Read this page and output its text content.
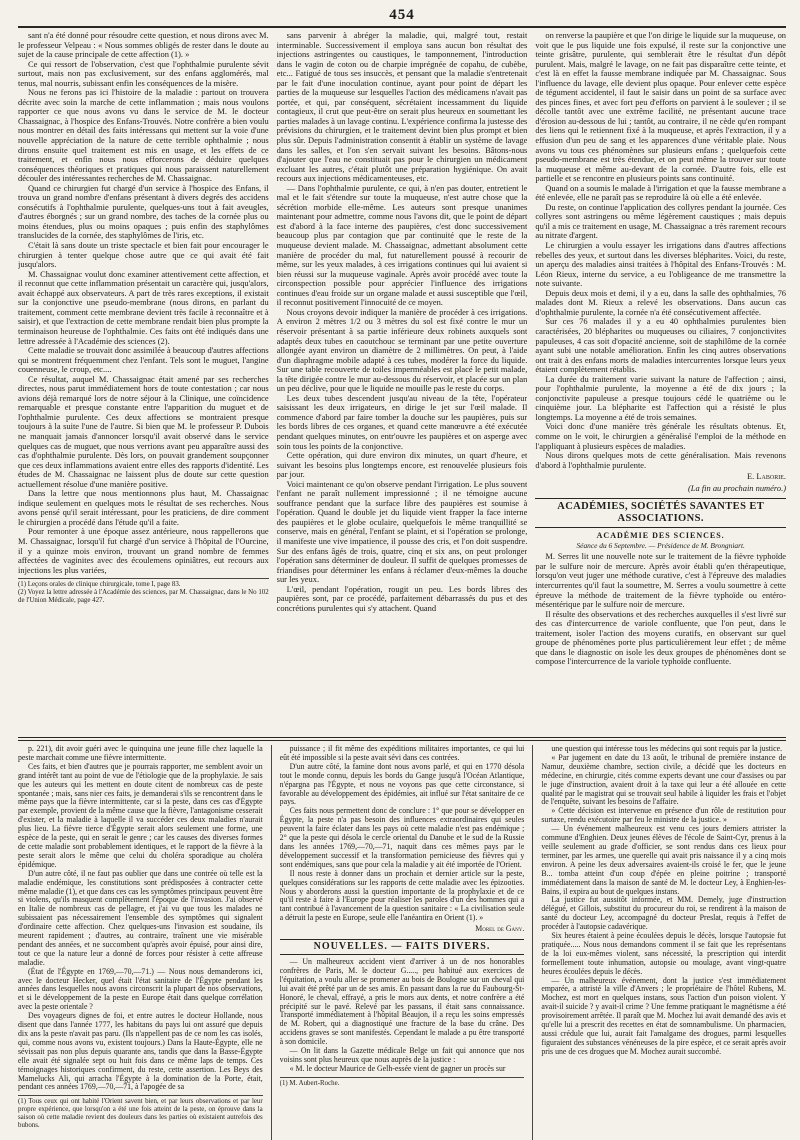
454

sant n'a été donné pour résoudre cette question, et nous dirons avec M. le professeur Velpeau : « Nous sommes obligés de rester dans le doute au sujet de la cause principale de cette affection (1). »

Ce qui ressort de l'observation, c'est que l'ophthalmie purulente sévit surtout, mais non pas exclusivement, sur des enfans agglomérés, mal tenus, mal nourris, subissant enfin les conséquences de la misère.

Nous ne ferons pas ici l'histoire de la maladie : partout on trouvera décrite avec soin la marche de cette inflammation ; mais nous voulons rapporter ce que nous avons vu dans le service de M. le docteur Chassaignac, à l'hospice des Enfans-Trouvés. Notre confrère a bien voulu nous montrer en détail des faits intéressans qui mettent sur la voie d'une nouvelle appréciation de la nature de cette terrible ophthalmie ; nous dirons ensuite quel traitement est mis en usage, et les effets de ce traitement, et enfin nous nous efforcerons de déduire quelques conséquences théoriques et pratiques qui nous paraissent naturellement découler des intéressantes recherches de M. Chassaignac.

Quand ce chirurgien fut chargé d'un service à l'hospice des Enfans, il trouva un grand nombre d'enfans présentant à divers degrés des accidens consécutifs à l'ophthalmie purulente, quelques-uns tout à fait aveugles, d'autres éborgnés ; sur un grand nombre, des taches de la cornée plus ou moins étendues, plus ou moins opaques ; puis enfin des staphylômes translucides de la cornée, des staphylômes de l'iris, etc.

C'était là sans doute un triste spectacle et bien fait pour encourager le chirurgien à tenter quelque chose autre que ce qui avait été fait jusqu'alors.

M. Chassaignac voulut donc examiner attentivement cette affection, et il reconnut que cette inflammation présentait un caractère qui, jusqu'alors, avait échappé aux observateurs. A part de très rares exceptions, il existait sur la conjonctive une pseudo-membrane (nous dirons, en parlant du traitement, comment cette membrane devient très facile à reconnaître et à saisir), et que l'extraction de cette membrane rendait bien plus prompte la terminaison heureuse de l'ophthalmie. Ces faits ont été indiqués dans une lettre adressée à l'Académie des sciences (2).

Cette maladie se trouvait donc assimilée à beaucoup d'autres affections qui se montrent fréquemment chez l'enfant. Tels sont le muguet, l'angine couenneuse, le croup, etc....

Ce résultat, auquel M. Chassaignac était amené par ses recherches directes, nous parut immédiatement hors de toute contestation ; car nous avions déjà remarqué lors de notre séjour à la Clinique, une coïncidence remarquable et presque constante entre l'apparition du muguet et de l'ophthalmie purulente. Ces deux affections se montraient presque toujours à la suite l'une de l'autre. Si bien que M. le professeur P. Dubois ne manquait jamais d'annoncer lorsqu'il avait observé dans le service quelques cas de muguet, que nous verrions avant peu apparaître aussi des cas d'ophthalmie purulente. Dès lors, on pouvait grandement soupçonner que ces deux inflammations avaient entre elles des rapports d'identité. Les études de M. Chassaignac ne laissent plus de doute sur cette question actuellement résolue d'une manière positive.

Dans la lettre que nous mentionnons plus haut, M. Chassaignac indique seulement en quelques mots le résultat de ses recherches. Nous avons pensé qu'il serait intéressant, pour les praticiens, de dire comment le chirurgien a procédé dans l'étude qu'il a faite.

Pour remonter à une époque assez antérieure, nous rappellerons que M. Chassaignac, lorsqu'il fut chargé d'un service à l'hôpital de l'Ourcine, il y a quinze mois environ, trouvant un grand nombre de femmes affectées de vaginites avec des écoulemens opiniâtres, eut recours aux injections les plus variées,

(1) Leçons orales de clinique chirurgicale, tome I, page 83.

(2) Voyez la lettre adressée à l'Académie des sciences, par M. Chassaignac, dans le No 102 de l'Union Médicale, page 427.

sans parvenir à abréger la maladie, qui, malgré tout, restait interminable. Successivement il employa sans aucun bon résultat des injections astringentes ou caustiques, le tamponnement, l'introduction dans le vagin de coton ou de charpie imprégnée de copahu, de cubèbe, etc... Fatigué de tous ses insuccès, et pensant que la maladie s'entretenait par le fait d'une inoculation continue, ayant pour point de départ les parties de la muqueuse sur lesquelles l'action des médicamens n'avait pas portée, et qui, par conséquent, sécrétaient incessamment du liquide contagieux, il crut que peut-être on serait plus heureux en soumettant les parties malades à un lavage continu. L'expérience confirma la justesse des prévisions du chirurgien, et le traitement devint bien plus prompt et bien plus sûr. Depuis l'administration consentit à établir un système de lavage dans les salles, et l'on s'en servait suivant les besoins. Bâtons-nous d'ajouter que l'eau ne constituait pas pour le chirurgien un médicament excluant les autres, c'était plutôt une préparation hygiénique. On avait recours aux injections médicamenteuses, etc.

— Dans l'ophthalmie purulente, ce qui, à n'en pas douter, entretient le mal et le fait s'étendre sur toute la muqueuse, n'est autre chose que la sécrétion morbide elle-même. Les auteurs sont presque unanimes maintenant pour admettre, comme nous l'avons dit, que le point de départ est d'abord à la face interne des paupières, c'est donc successivement beaucoup plus par contagion que par continuité que le reste de la muqueuse devient malade. M. Chassaignac, admettant absolument cette manière de procéder du mal, fut naturellement poussé à recourir de même, sur les yeux malades, à ces irrigations continues qui lui avaient si bien réussi sur la muqueuse vaginale. Après avoir procédé avec toute la circonspection possible pour apprécier l'influence des irrigations continues d'eau froide sur un organe malade et aussi susceptible que l'œil, il reconnut positivement l'innocuité de ce moyen.

Nous croyons devoir indiquer la manière de procéder à ces irrigations. A environ 2 mètres 1/2 ou 3 mètres du sol est fixé contre le mur un réservoir présentant à sa partie inférieure deux robinets auxquels sont adaptés deux tubes en caoutchouc se terminant par une petite ouverture allongée ayant environ un diamètre de 2 millimètres. On peut, à l'aide d'un diaphragme mobile adapté à ces tubes, modérer la force du liquide. Sur une table recouverte de toiles imperméables est placé le petit malade, la tête dirigée contre le mur au-dessous du réservoir, et placée sur un plan un peu déclive, pour que le liquide ne mouille pas le reste du corps.

Les deux tubes descendent jusqu'au niveau de la tête, l'opérateur saisissant les deux irrigateurs, en dirige le jet sur l'œil malade. Il commence d'abord par faire tomber la douche sur les paupières, puis sur les bords libres de ces organes, et quand cette manœuvre a été exécutée pendant quelques minutes, on entr'ouvre les paupières et on asperge avec soin tous les points de la conjonctive.

Cette opération, qui dure environ dix minutes, un quart d'heure, et suivant les besoins plus longtemps encore, est renouvelée plusieurs fois par jour.

Voici maintenant ce qu'on observe pendant l'irrigation. Le plus souvent l'enfant ne paraît nullement impressionné ; il ne témoigne aucune souffrance pendant que la surface libre des paupières est soumise à l'opération. Quand le double jet du liquide vient frapper la face interne des paupières et le globe oculaire, quelquefois le même tranquillité se conserve, mais en général, l'enfant se plaint, et si l'opération se prolonge, il manifeste une vive impatience, il pousse des cris, et l'on doit suspendre. Sur des enfans âgés de trois, quatre, cinq et six ans, on peut prolonger l'opération sans déterminer de douleur. Il suffit de quelques promesses de friandises pour déterminer les enfans à réclamer d'eux-mêmes la douche sur les yeux.

L'œil, pendant l'opération, rougit un peu. Les bords libres des paupières sont, par ce procédé, parfaitement débarrassés du pus et des concrétions purulentes qui s'y attachent. Quand

on renverse la paupière et que l'on dirige le liquide sur la muqueuse, on voit que le pus liquide une fois expulsé, il reste sur la conjonctive une teinte grisâtre, purulente, qui semblerait être le résultat d'un dépôt purulent. Mais, malgré le lavage, on ne fait pas disparaître cette teinte, et c'est là en effet la fausse membrane indiquée par M. Chassaignac. Sous l'influence du lavage, elle devient plus opaque. Pour enlever cette espèce de tégument accidentel, il faut le saisir dans un point de sa surface avec des pinces fines, et avec fort peu d'efforts on parvient à le soulever ; il se décolle tantôt avec une extrême facilité, ne présentant aucune trace d'érosion au-dessous de lui ; tantôt, au contraire, il ne cède qu'en rompant des liens qui le retiennent fixé à la muqueuse, et après l'extraction, il y a effusion d'un peu de sang et les apparences d'une véritable plaie. Nous avons vu tous ces phénomènes sur plusieurs enfans ; quelquefois cette pseudo-membrane est très étendue, et on peut même la trouver sur toute la muqueuse et même au-devant de la cornée. D'autre fois, elle est partielle et se rencontre en plusieurs points sans continuité.

Quand on a soumis le malade à l'irrigation et que la fausse membrane a été enlevée, elle ne paraît pas se reproduire là où elle a été enlevée.

Du reste, on continue l'application des collyres pendant la journée. Ces collyres sont astringens ou même légèrement caustiques ; mais depuis qu'il a mis ce traitement en usage, M. Chassaignac a très rarement recours au nitrate d'argent.

Le chirurgien a voulu essayer les irrigations dans d'autres affections rebelles des yeux, et surtout dans les diverses blépharites. Voici, du reste, un aperçu des maladies ainsi traitées à l'hôpital des Enfans-Trouvés : M. Léon Rieux, interne du service, a eu l'obligeance de me transmettre la note suivante.

Depuis deux mois et demi, il y a eu, dans la salle des ophthalmies, 76 malades dont M. Rieux a relevé les observations. Dans aucun cas d'ophthalmie purulente, la cornée n'a été consécutivement affectée.

Sur ces 76 malades il y a eu 40 ophthalmies purulentes bien caractérisées, 20 blépharites ou muqueuses ou ciliaires, 7 conjonctivites papuleuses, 4 cas soit d'opacité ancienne, soit de staphilôme de la cornée ayant subi une notable amélioration. Enfin les cinq autres observations ont trait à des enfans morts de maladies intercurrentes lorsque leurs yeux étaient complètement rétablis.

La durée du traitement varie suivant la nature de l'affection ; ainsi, pour l'ophthalmie purulente, la moyenne a été de dix jours ; la conjonctivite papuleuse a presque toujours cédé le quatrième ou le cinquième jour. La blépharite est l'affection qui a résisté le plus longtemps. La moyenne a été de trois semaines.

Voici donc d'une manière très générale les résultats obtenus. Et, comme on le voit, le chirurgien a généralisé l'emploi de la méthode en l'appliquant à plusieurs espèces de maladies.

Nous dirons quelques mots de cette généralisation. Mais revenons d'abord à l'ophthalmie purulente.

E. Laborie.
(La fin au prochain numéro.)
ACADÉMIES, SOCIÉTÉS SAVANTES ET ASSOCIATIONS.
ACADÉMIE DES SCIENCES.
Séance du 6 Septembre. — Présidence de M. Brongniart.

M. Serres lit une nouvelle note sur le traitement de la fièvre typhoïde par le sulfure noir de mercure. Après avoir établi qu'en thérapeutique, lorsqu'on veut juger une méthode curative, c'est à l'épreuve des maladies intercurrentes qu'il faut la soumettre, M. Serres a voulu soumettre à cette épreuve la méthode de traitement de la fièvre typhoïde ou entéro-mésentérique par le sulfure noir de mercure.

Il résulte des observations et des recherches auxquelles il s'est livré sur des cas d'intercurrence de variole confluente, que l'on peut, dans le traitement, isoler l'action des moyens curatifs, en observant sur quel groupe de phénomènes porte plus particulièrement leur effet ; de même que dans le diagnostic on isole les deux groupes de phénomènes dont se compose l'intercurrence de la variole typhoïde confluente.

p. 221), dit avoir guéri avec le quinquina une jeune fille chez laquelle la peste marchait comme une fièvre intermittente.

Ces faits, et bien d'autres que je pourrais rapporter, me semblent avoir un grand intérêt tant au point de vue de l'étiologie que de la prophylaxie. Je sais que les auteurs qui les mettent en doute citent de nombreux cas de peste spontanée ; mais, sans nier ces faits, je demanderai s'ils se rencontrent dans le même pays que la fièvre intermittente, car si la peste, dans ces cas d'Égypte par exemple, provient de la même cause que la fièvre, l'antagonisme cesserait d'exister, et la maladie à laquelle il va succéder ces deux maladies n'aurait plus lieu. La fièvre tierce d'Égypte serait alors seulement une forme, une espèce de la peste, qui en serait le genre ; car les causes des diverses formes de cette maladie sont probablement identiques, et le rapport de la fièvre à la peste serait alors le même que celui du choléra sporadique au choléra épidémique.

D'un autre côté, il ne faut pas oublier que dans une contrée où telle est la maladie endémique, les constitutions sont prédisposées à contracter cette même maladie (1), et que dans ces cas les symptômes principaux peuvent être si violens, qu'ils masquent complètement l'époque de l'invasion. J'ai observé en Italie de nombreux cas de pellagre, et j'ai vu que tous les malades ne subissaient pas nécessairement l'ensemble des symptômes qui signalent d'ordinaire cette affection. Chez quelques-uns l'invasion est soudaine, ils meurent rapidement ; d'autres, au contraire, traînent une vie misérable pendant des années, et ne succombent qu'après avoir épuisé, pour ainsi dire, tout ce que la nature leur a donné de forces pour résister à cette affreuse maladie.

(État de l'Égypte en 1769,—70,—71.) — Nous nous demanderons ici, avec le docteur Hecker, quel était l'état sanitaire de l'Égypte pendant les années dans lesquelles nous avons circonscrit la plupart de nos observations, et si le développement de la peste en Europe était dans quelque corrélation avec la peste orientale ?

Des voyageurs dignes de foi, et entre autres le docteur Hollande, nous disent que dans l'année 1777, les habitans du pays lui ont assuré que depuis dix ans la peste n'avait pas paru. (Ils n'appellent pas de ce nom les cas isolés, qui, comme nous avons vu, existent toujours.) Dans la Haute-Égypte, elle ne sévissait pas non plus depuis quarante ans, tandis que dans la Basse-Égypte elle avait été signalée sept ou huit fois dans ce même laps de temps. Ces témoignages historiques confirment, du reste, cette assertion. Les Beys des Mamelucks Ali, qui arracha l'Égypte à la domination de la Porte, était, pendant ces années 1769,—70,—71, à l'apogée de sa

(1) Tous ceux qui ont habité l'Orient savent bien, et par leurs observations et par leur propre expérience, que lorsqu'on a été une fois atteint de la peste, on éprouve dans la saison où cette maladie revient des douleurs dans les parties où existaient autrefois des bubons.

puissance ; il fit même des expéditions militaires importantes, ce qui lui eût été impossible si la peste avait sévi dans ces contrées.

D'un autre côté, la famine dont nous avons parlé, et qui en 1770 désola tout le monde connu, depuis les bords du Gange jusqu'à l'Océan Atlantique, n'épargna pas l'Égypte, et nous ne voyons pas que cette circonstance, si favorable au développement des épidémies, ait influé sur l'état sanitaire de ce pays.

Ces faits nous permettent donc de conclure : 1° que pour se développer en Égypte, la peste n'a pas besoin des influences extraordinaires qui seules peuvent la faire éclater dans les pays où cette maladie n'est pas endémique ; 2° que la peste qui désola le cercle oriental du Danube et le sud de la Russie dans les années 1769,—70,—71, naquit dans ces mêmes pays par le développement successif et la transformation pernicieuse des fièvres qui y sont endémiques, sans que pour cela la maladie y ait été importée de l'Orient.

Il nous reste à donner dans un prochain et dernier article sur la peste, quelques considérations sur les rapports de cette maladie avec les épizooties. Nous y aborderons aussi la question importante de la prophylaxie et de ce qu'il reste à faire à l'Europe pour réaliser les paroles d'un des hommes qui a tant contribué à l'avancement de la question sanitaire : « La civilisation seule a détruit la peste en Europe, seule elle l'anéantira en Orient (1). »

Morel de Gany.
NOUVELLES. — FAITS DIVERS.

— Un malheureux accident vient d'arriver à un de nos honorables confrères de Paris, M. le docteur G....., peu habitué aux exercices de l'équitation, a voulu aller se promener au bois de Boulogne sur un cheval qui lui avait été prêté par un de ses amis. En passant dans la rue du Faubourg-St-Honoré, le cheval, effrayé, a pris le mors aux dents, et notre confrère a été précipité sur le pavé. Relevé par les passans, il était sans connaissance. Transporté immédiatement à l'hôpital Beaujon, il a reçu les soins empressés de M. Robert, qui a diagnostiqué une fracture de la base du crâne. Des accidens graves se sont manifestés. Cependant le malade a pu être transporté à son domicile.

— On lit dans la Gazette médicale Belge un fait qui annonce que nos voisins sont plus heureux que nous auprès de la justice :

« M. le docteur Maurice de Gelh-essée vient de gagner un procès sur

(1) M. Aubert-Roche.

une question qui intéresse tous les médecins qui sont requis par la justice.

« Par jugement en date du 13 août, le tribunal de première instance de Namur, deuxième chambre, section civile, a décidé que les docteurs en médecine, en chirurgie, cités comme experts devant une cour d'assises ou par le juge d'instruction, avaient droit à la taxe qui leur a été allouée en cette qualité par le magistrat qui se trouvait seul habile à liquider les frais et l'objet de l'enquête, suivant les besoins de l'affaire.

» Cette décision est intervenue en présence d'un rôle de restitution pour surtaxe, rendu exécutoire par feu le ministre de la justice. »

— Un événement malheureux est venu ces jours derniers attrister la commune d'Enghien. Deux jeunes élèves de l'école de Saint-Cyr, prenus à la veille seulement au grade d'officier, se sont rendus dans ces lieux pour terminer, par les armes, une querelle qui avait pris naissance il y a cinq mois environ. A peine les deux adversaires avaient-ils croisé le fer, que le jeune B... tomba atteint d'un coup d'épée en pleine poitrine ; transporté immédiatement dans la maison de santé de M. le docteur Ley, à Enghien-les-Bains, il expira au bout de quelques instans.

La justice fut aussitôt informée, et MM. Demely, juge d'instruction délégué, et Gillois, substitut du procureur du roi, se rendirent à la maison de santé du docteur Ley, accompagné du docteur Preslat, requis à l'effet de procéder à l'autopsie cadavérique.

Six heures étaient à peine écoulées depuis le décès, lorsque l'autopsie fut pratiquée..... Nous nous demandons comment il se fait que les représentans de la loi eux-mêmes violent, sans nécessité, la prescription qui interdit formellement toute inhumation, autopsie ou moulage, avant vingt-quatre heures écoulées depuis le décès.

— Un malheureux événement, dont la justice s'est immédiatement emparée, a attristé la ville d'Anvers ; le propriétaire de l'hôtel Rubens, M. Mochez, est mort en quelques instans, sous l'action d'un poison violent. Y avait-il suicide ? y avait-il crime ? Une femme pratiquant le magnétisme a été provisoirement arrêtée. Il paraît que M. Mochez lui avait demandé des avis et qu'elle lui a prescrit des recettes en état de somnambulisme. Un pharmacien, aussi crédule que lui, aurait fait l'amalgame des drogues, parmi lesquelles figuraient des substances vénéneuses de la pire espèce, et ce serait après avoir pris une de ces drogues que M. Mochez aurait succombé.
